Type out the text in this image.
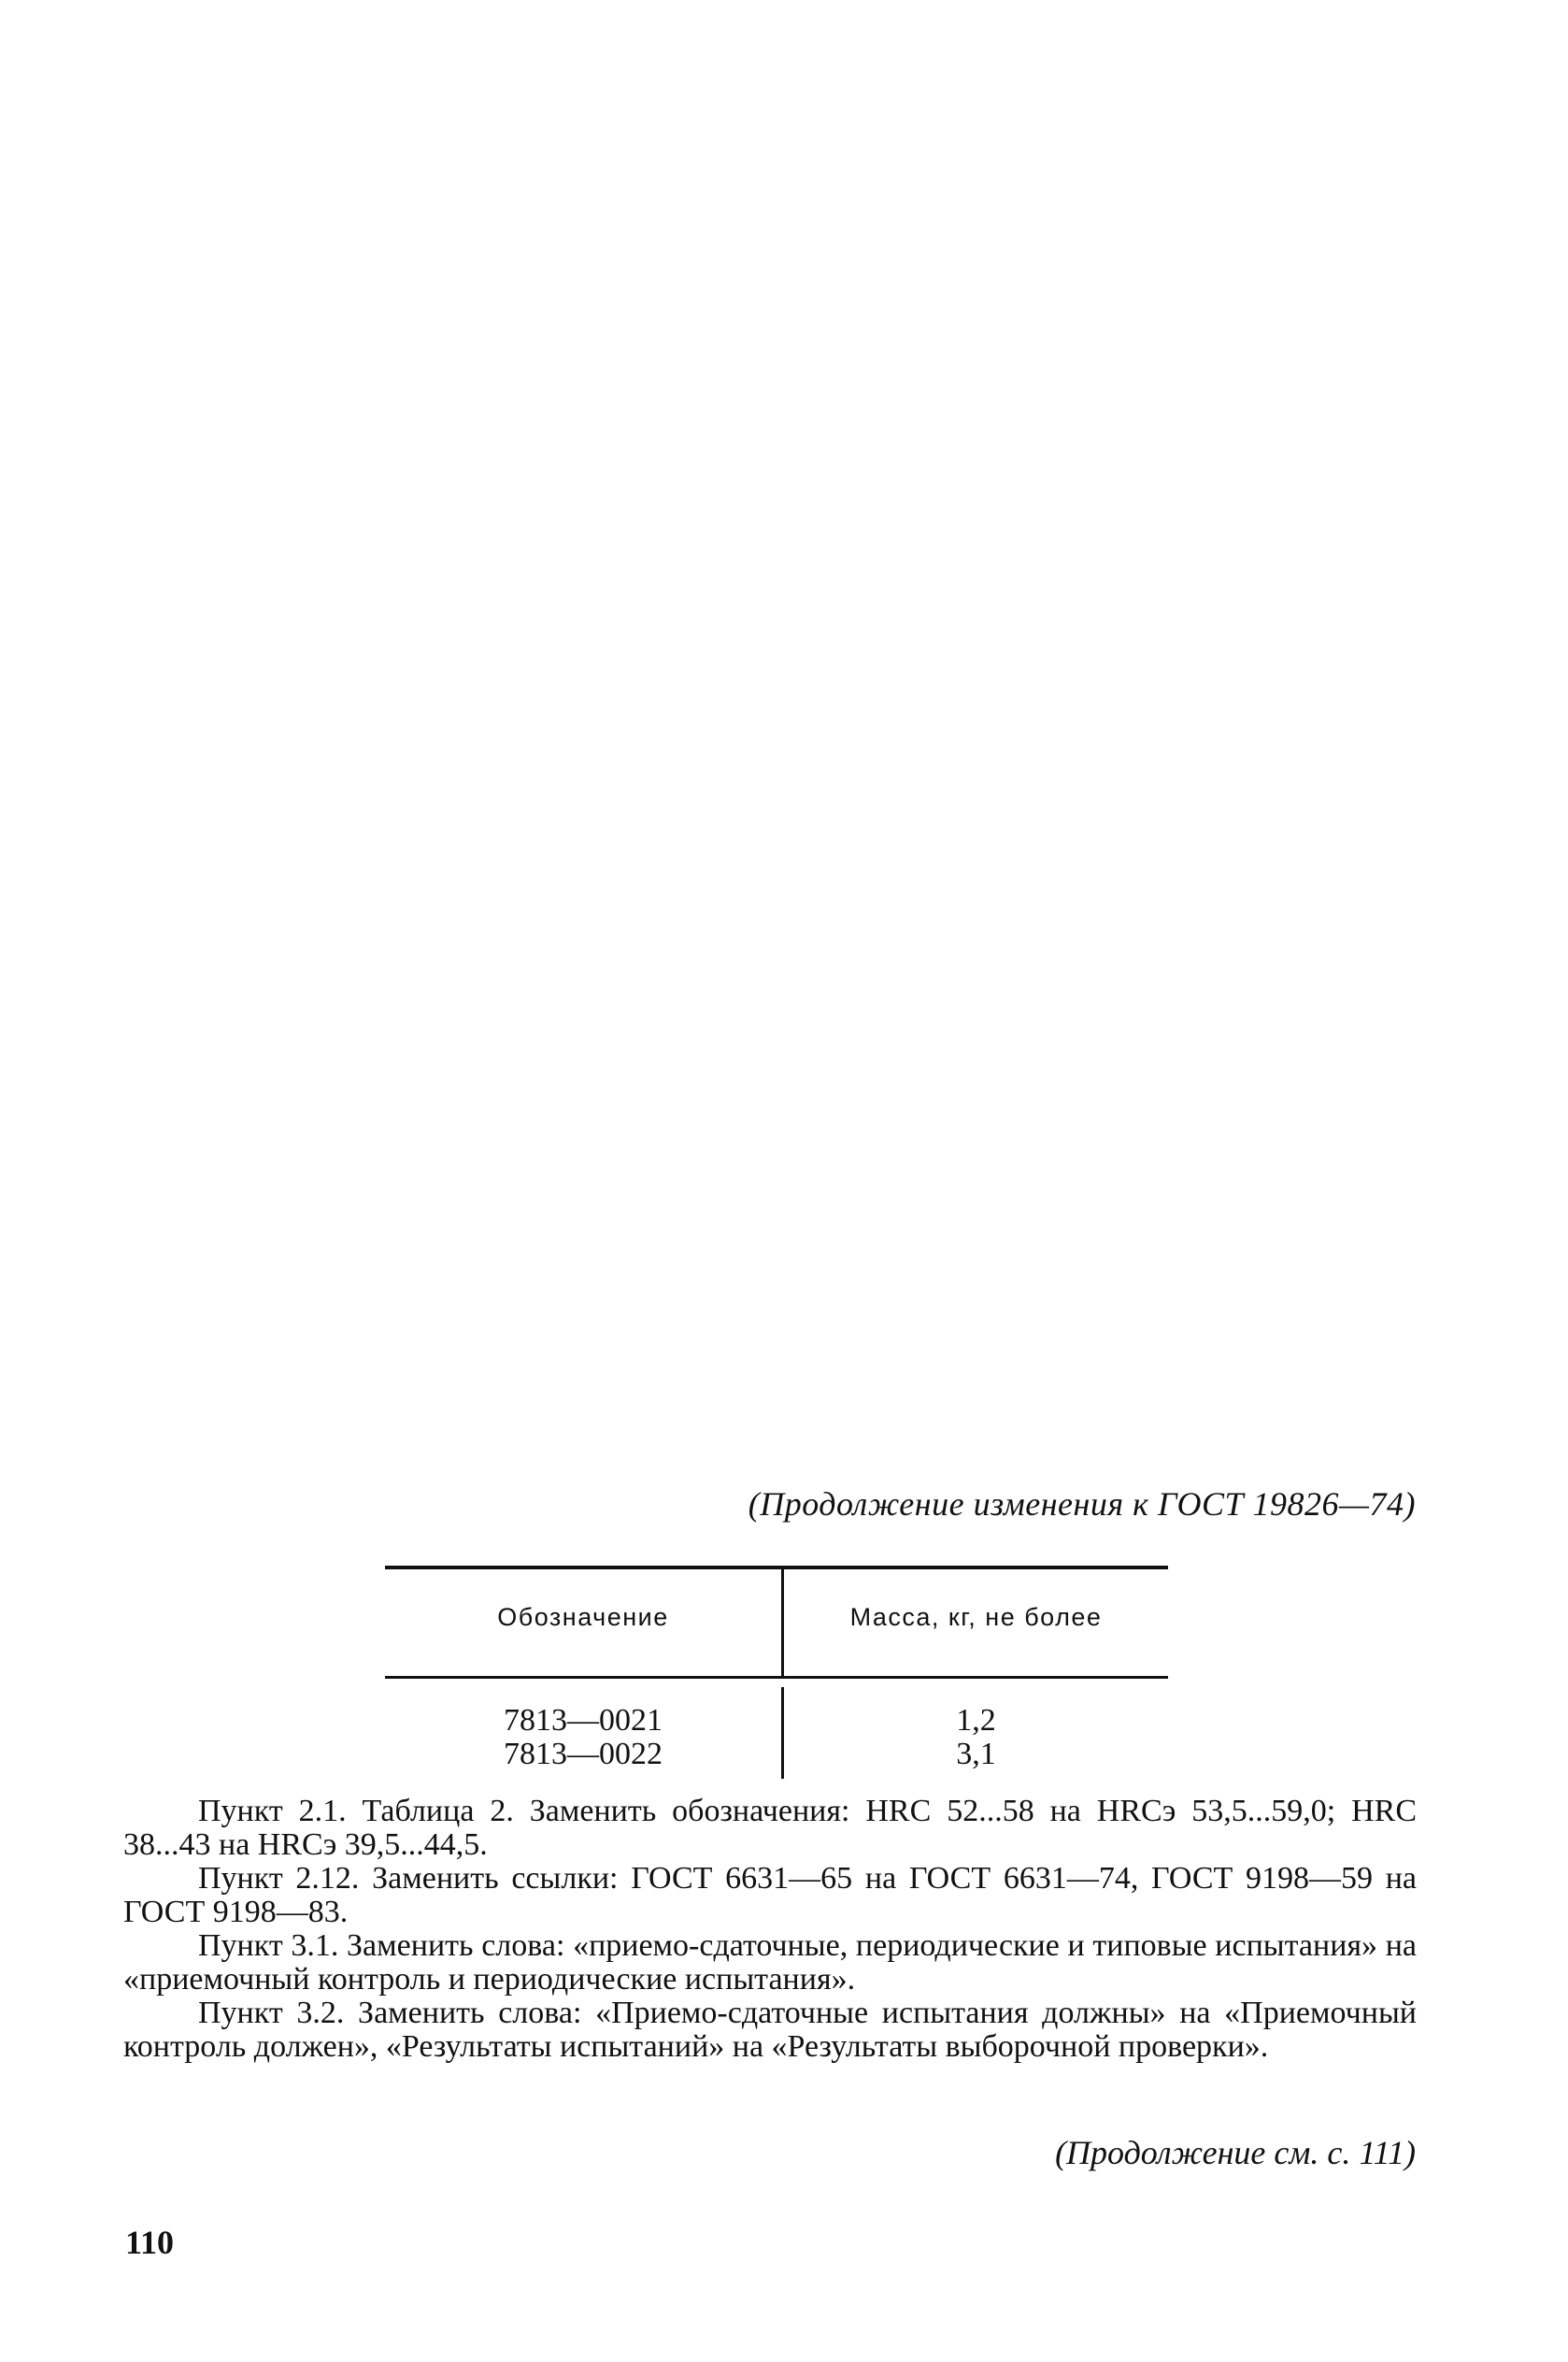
(Продолжение изменения к ГОСТ 19826—74)
Обозначение	Масса, кг, не более
7813—0021	1,2
7813—0022	3,1

Пункт 2.1. Таблица 2. Заменить обозначения: HRC 52...58 на HRCэ 53,5...59,0; HRC 38...43 на HRCэ 39,5...44,5.

Пункт 2.12. Заменить ссылки: ГОСТ 6631—65 на ГОСТ 6631—74, ГОСТ 9198—59 на ГОСТ 9198—83.

Пункт 3.1. Заменить слова: «приемо-сдаточные, периодические и типовые испытания» на «приемочный контроль и периодические испытания».

Пункт 3.2. Заменить слова: «Приемо-сдаточные испытания должны» на «Приемочный контроль должен», «Результаты испытаний» на «Результаты выборочной проверки».

(Продолжение см. с. 111)
110
